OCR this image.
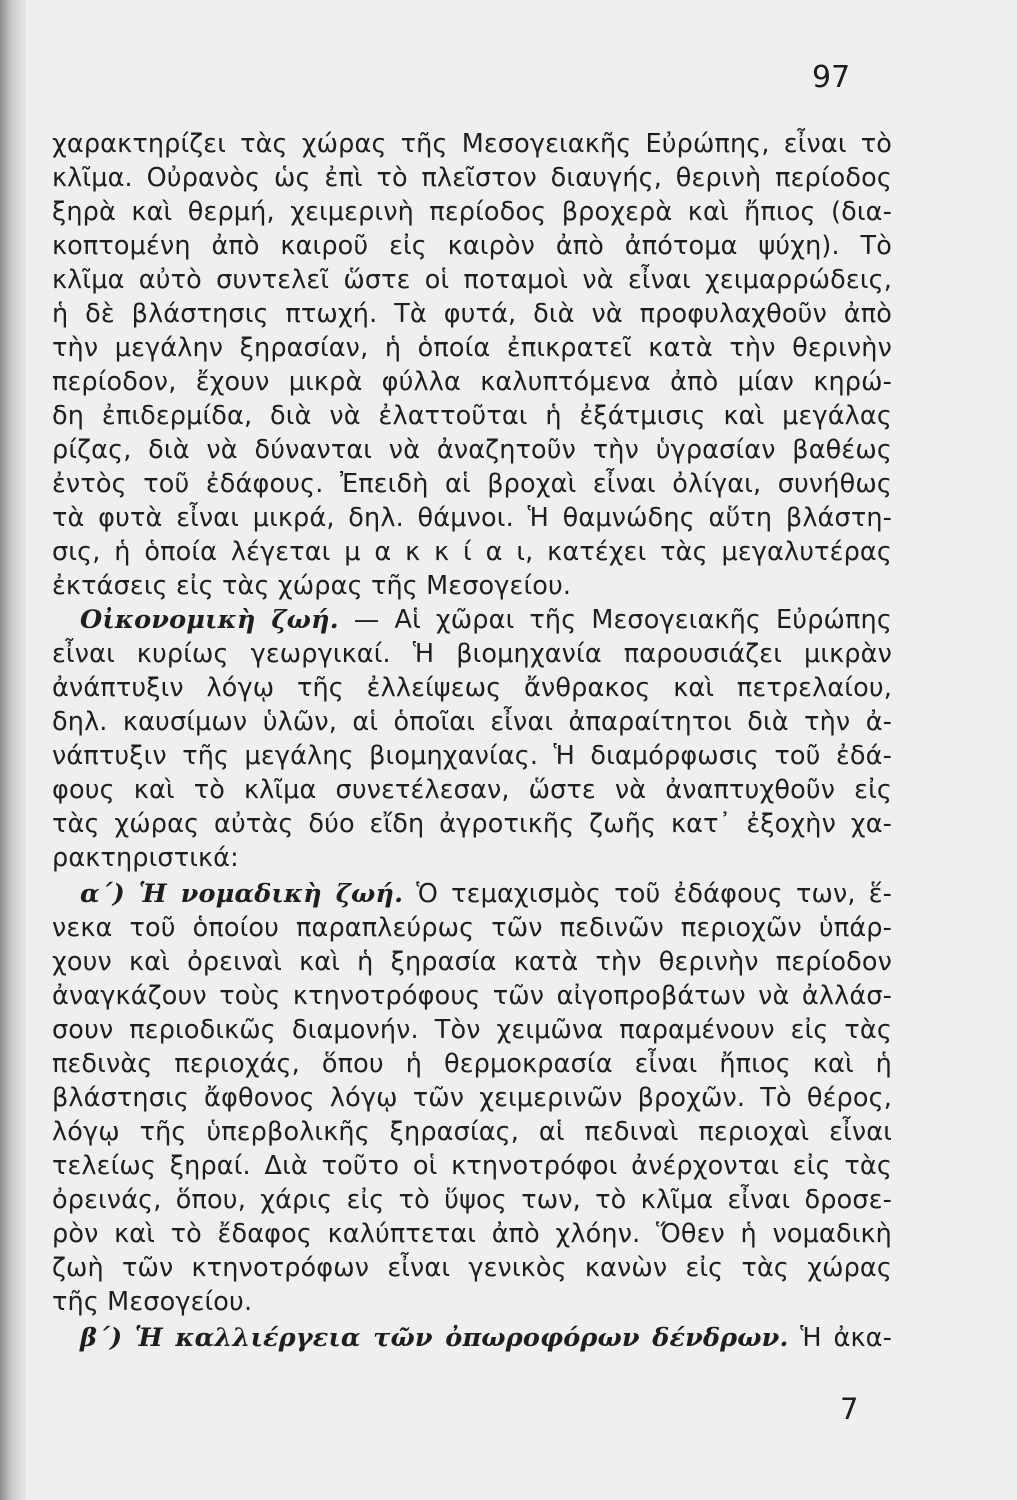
97
χαρακτηρίζει τὰς χώρας τῆς Μεσογειακῆς Εὐρώπης, εἶναι τὸ
κλῖμα. Οὐρανὸς ὡς ἐπὶ τὸ πλεῖστον διαυγής, θερινὴ περίοδος
ξηρὰ καὶ θερμή, χειμερινὴ περίοδος βροχερὰ καὶ ἤπιος (δια-
κοπτομένη ἀπὸ καιροῦ εἰς καιρὸν ἀπὸ ἀπότομα ψύχη). Τὸ
κλῖμα αὐτὸ συντελεῖ ὥστε οἱ ποταμοὶ νὰ εἶναι χειμαρρώδεις,
ἡ δὲ βλάστησις πτωχή. Τὰ φυτά, διὰ νὰ προφυλαχθοῦν ἀπὸ
τὴν μεγάλην ξηρασίαν, ἡ ὁποία ἐπικρατεῖ κατὰ τὴν θερινὴν
περίοδον, ἔχουν μικρὰ φύλλα καλυπτόμενα ἀπὸ μίαν κηρώ-
δη ἐπιδερμίδα, διὰ νὰ ἐλαττοῦται ἡ ἐξάτμισις καὶ μεγάλας
ρίζας, διὰ νὰ δύνανται νὰ ἀναζητοῦν τὴν ὑγρασίαν βαθέως
ἐντὸς τοῦ ἐδάφους. Ἐπειδὴ αἱ βροχαὶ εἶναι ὀλίγαι, συνήθως
τὰ φυτὰ εἶναι μικρά, δηλ. θάμνοι. Ἡ θαμνώδης αὕτη βλάστη-
σις, ἡ ὁποία λέγεται μ α κ κ ί α ι, κατέχει τὰς μεγαλυτέρας
ἐκτάσεις εἰς τὰς χώρας τῆς Μεσογείου.
Οἰκονομικὴ ζωή. — Αἱ χῶραι τῆς Μεσογειακῆς Εὐρώπης
εἶναι κυρίως γεωργικαί. Ἡ βιομηχανία παρουσιάζει μικρὰν
ἀνάπτυξιν λόγῳ τῆς ἐλλείψεως ἄνθρακος καὶ πετρελαίου,
δηλ. καυσίμων ὑλῶν, αἱ ὁποῖαι εἶναι ἀπαραίτητοι διὰ τὴν ἀ-
νάπτυξιν τῆς μεγάλης βιομηχανίας. Ἡ διαμόρφωσις τοῦ ἐδά-
φους καὶ τὸ κλῖμα συνετέλεσαν, ὥστε νὰ ἀναπτυχθοῦν εἰς
τὰς χώρας αὐτὰς δύο εἴδη ἀγροτικῆς ζωῆς κατ᾿ ἐξοχὴν χα-
ρακτηριστικά:
α΄) Ἡ νομαδικὴ ζωή. Ὁ τεμαχισμὸς τοῦ ἐδάφους των, ἕ-
νεκα τοῦ ὁποίου παραπλεύρως τῶν πεδινῶν περιοχῶν ὑπάρ-
χουν καὶ ὀρειναὶ καὶ ἡ ξηρασία κατὰ τὴν θερινὴν περίοδον
ἀναγκάζουν τοὺς κτηνοτρόφους τῶν αἰγοπροβάτων νὰ ἀλλάσ-
σουν περιοδικῶς διαμονήν. Τὸν χειμῶνα παραμένουν εἰς τὰς
πεδινὰς περιοχάς, ὅπου ἡ θερμοκρασία εἶναι ἤπιος καὶ ἡ
βλάστησις ἄφθονος λόγῳ τῶν χειμερινῶν βροχῶν. Τὸ θέρος,
λόγῳ τῆς ὑπερβολικῆς ξηρασίας, αἱ πεδιναὶ περιοχαὶ εἶναι
τελείως ξηραί. Διὰ τοῦτο οἱ κτηνοτρόφοι ἀνέρχονται εἰς τὰς
ὀρεινάς, ὅπου, χάρις εἰς τὸ ὕψος των, τὸ κλῖμα εἶναι δροσε-
ρὸν καὶ τὸ ἔδαφος καλύπτεται ἀπὸ χλόην. Ὅθεν ἡ νομαδικὴ
ζωὴ τῶν κτηνοτρόφων εἶναι γενικὸς κανὼν εἰς τὰς χώρας
τῆς Μεσογείου.
β΄) Ἡ καλλιέργεια τῶν ὀπωροφόρων δένδρων. Ἡ ἀκα-
7
